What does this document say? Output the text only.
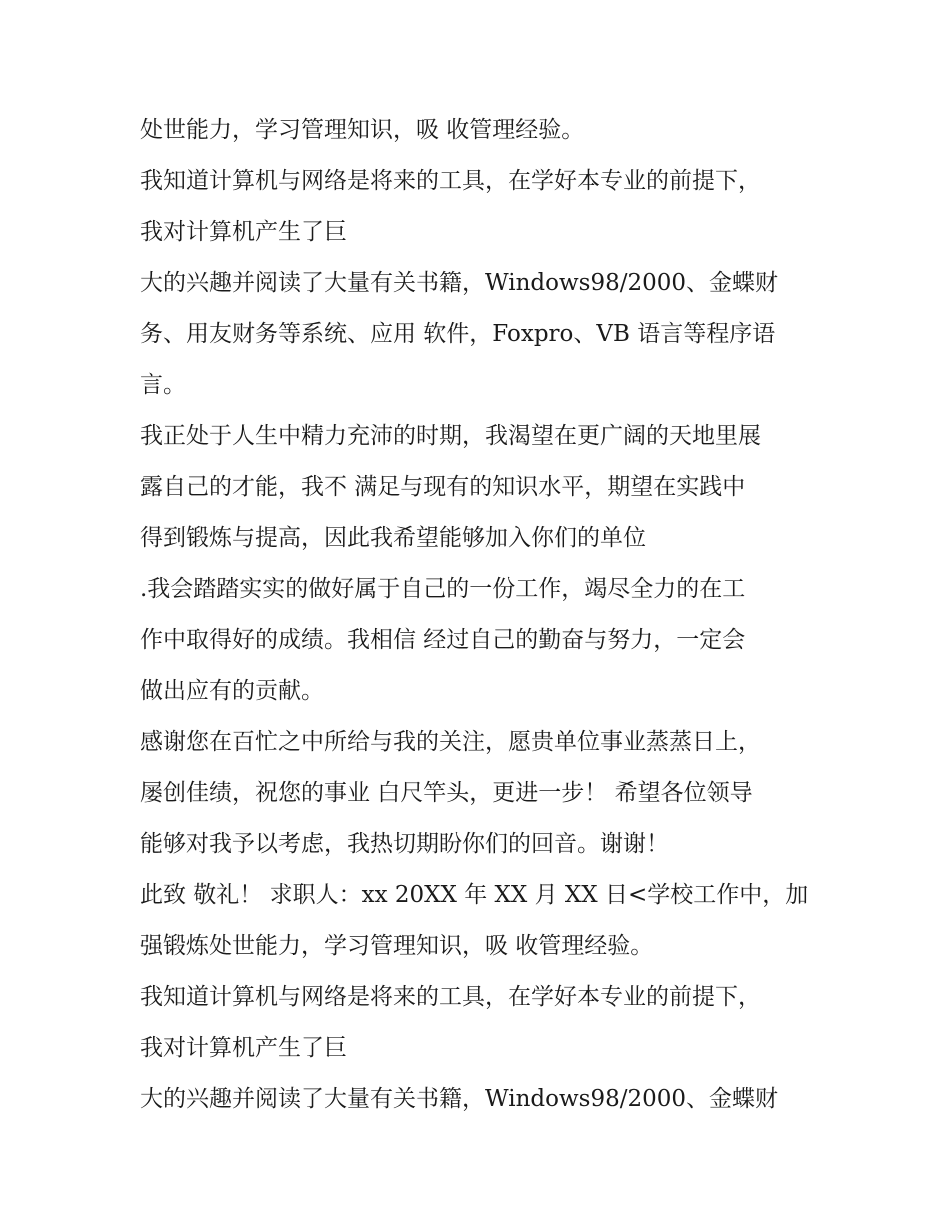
处世能力，学习管理知识，吸 收管理经验。
我知道计算机与网络是将来的工具，在学好本专业的前提下，
我对计算机产生了巨
大的兴趣并阅读了大量有关书籍，Windows98/2000、金蝶财
务、用友财务等系统、应用 软件，Foxpro、VB 语言等程序语
言。
我正处于人生中精力充沛的时期，我渴望在更广阔的天地里展
露自己的才能，我不 满足与现有的知识水平，期望在实践中
得到锻炼与提高，因此我希望能够加入你们的单位
.我会踏踏实实的做好属于自己的一份工作，竭尽全力的在工
作中取得好的成绩。我相信 经过自己的勤奋与努力，一定会
做出应有的贡献。
感谢您在百忙之中所给与我的关注，愿贵单位事业蒸蒸日上，
屡创佳绩，祝您的事业 白尺竿头，更进一步！ 希望各位领导
能够对我予以考虑，我热切期盼你们的回音。谢谢！
此致 敬礼！ 求职人：xx 20XX 年 XX 月 XX 日<学校工作中，加
强锻炼处世能力，学习管理知识，吸 收管理经验。
我知道计算机与网络是将来的工具，在学好本专业的前提下，
我对计算机产生了巨
大的兴趣并阅读了大量有关书籍，Windows98/2000、金蝶财
